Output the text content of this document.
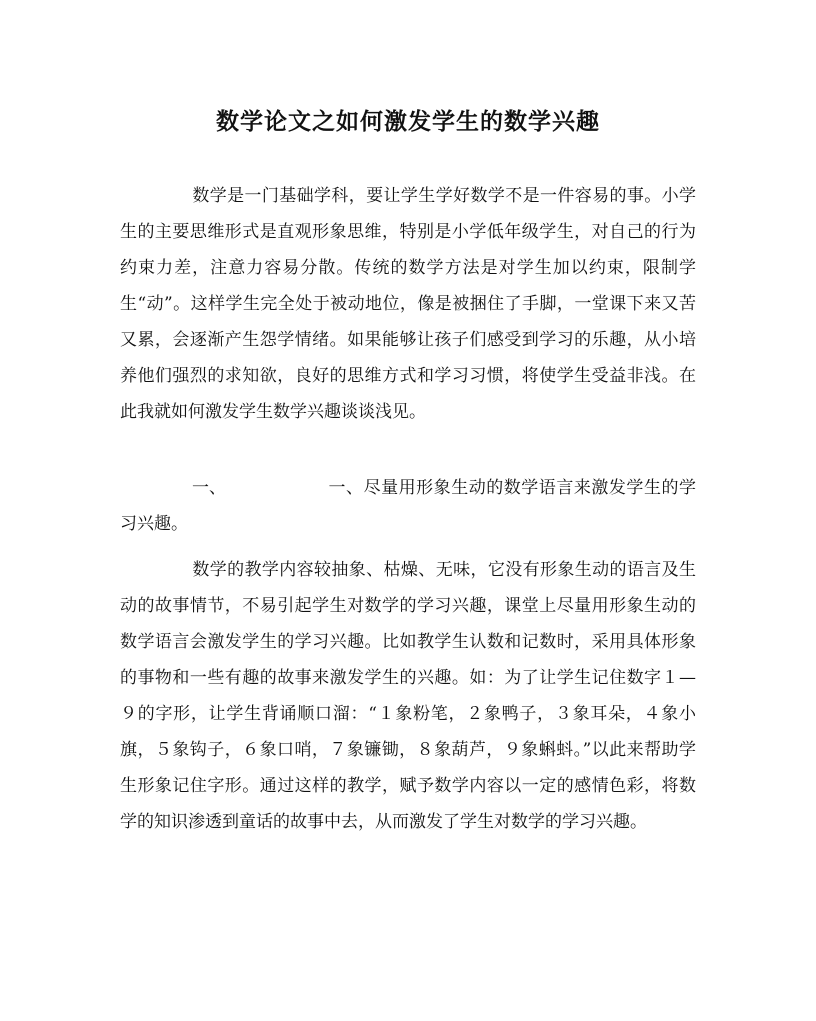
数学论文之如何激发学生的数学兴趣
数学是一门基础学科，要让学生学好数学不是一件容易的事。小学生的主要思维形式是直观形象思维，特别是小学低年级学生，对自己的行为约束力差，注意力容易分散。传统的数学方法是对学生加以约束，限制学生“动”。这样学生完全处于被动地位，像是被捆住了手脚，一堂课下来又苦又累，会逐渐产生怨学情绪。如果能够让孩子们感受到学习的乐趣，从小培养他们强烈的求知欲，良好的思维方式和学习习惯，将使学生受益非浅。在此我就如何激发学生数学兴趣谈谈浅见。
一、	一、尽量用形象生动的数学语言来激发学生的学习兴趣。
数学的教学内容较抽象、枯燥、无味，它没有形象生动的语言及生动的故事情节，不易引起学生对数学的学习兴趣，课堂上尽量用形象生动的数学语言会激发学生的学习兴趣。比如教学生认数和记数时，采用具体形象的事物和一些有趣的故事来激发学生的兴趣。如：为了让学生记住数字１—９的字形，让学生背诵顺口溜：“１象粉笔，２象鸭子，３象耳朵，４象小旗，５象钩子，６象口哨，７象镰锄，８象葫芦，９象蝌蚪。”以此来帮助学生形象记住字形。通过这样的教学，赋予数学内容以一定的感情色彩，将数学的知识渗透到童话的故事中去，从而激发了学生对数学的学习兴趣。
